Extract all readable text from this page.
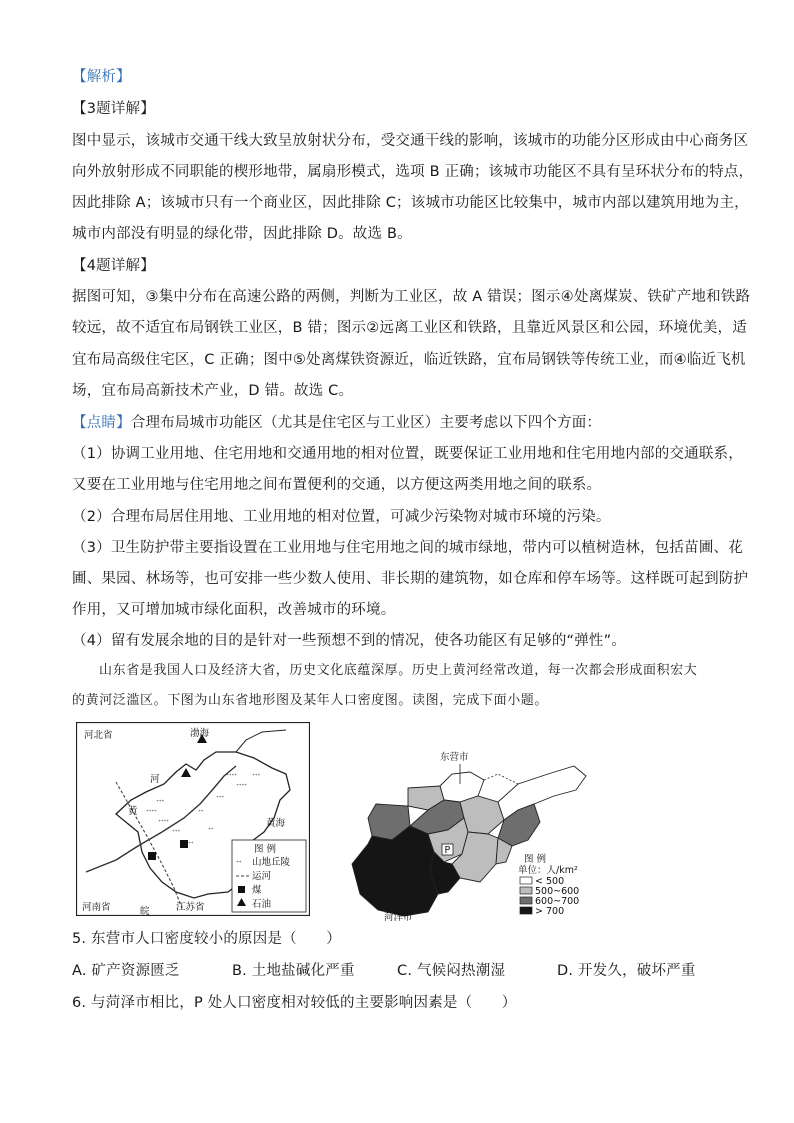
【解析】
【3题详解】
图中显示，该城市交通干线大致呈放射状分布，受交通干线的影响，该城市的功能分区形成由中心商务区
向外放射形成不同职能的楔形地带，属扇形模式，选项 B 正确；该城市功能区不具有呈环状分布的特点，
因此排除 A；该城市只有一个商业区，因此排除 C；该城市功能区比较集中，城市内部以建筑用地为主，
城市内部没有明显的绿化带，因此排除 D。故选 B。
【4题详解】
据图可知，③集中分布在高速公路的两侧，判断为工业区，故 A 错误；图示④处离煤炭、铁矿产地和铁路
较远，故不适宜布局钢铁工业区，B 错；图示②远离工业区和铁路，且靠近风景区和公园，环境优美，适
宜布局高级住宅区，C 正确；图中⑤处离煤铁资源近，临近铁路，宜布局钢铁等传统工业，而④临近飞机
场，宜布局高新技术产业，D 错。故选 C。
【点睛】合理布局城市功能区（尤其是住宅区与工业区）主要考虑以下四个方面：
（1）协调工业用地、住宅用地和交通用地的相对位置，既要保证工业用地和住宅用地内部的交通联系，
又要在工业用地与住宅用地之间布置便利的交通，以方便这两类用地之间的联系。
（2）合理布局居住用地、工业用地的相对位置，可减少污染物对城市环境的污染。
（3）卫生防护带主要指设置在工业用地与住宅用地之间的城市绿地，带内可以植树造林，包括苗圃、花
圃、果园、林场等，也可安排一些少数人使用、非长期的建筑物，如仓库和停车场等。这样既可起到防护
作用，又可增加城市绿化面积，改善城市的环境。
（4）留有发展余地的目的是针对一些预想不到的情况，使各功能区有足够的“弹性”。
山东省是我国人口及经济大省，历史文化底蕴深厚。历史上黄河经常改道，每一次都会形成面积宏大
的黄河泛滥区。下图为山东省地形图及某年人口密度图。读图，完成下面小题。
ᐩᐩᐩ
ᐩᐩᐩᐩ
ᐩᐩᐩᐩ
ᐩᐩᐩ
ᐩᐩ
ᐩᐩᐩᐩ
ᐩᐩᐩᐩ
ᐩᐩᐩ
ᐩᐩᐩ
ᐩᐩ
ᐩᐩ
河北省	渤海
河
黄
黄海
河南省	皖	江苏省
图 例
ᐩᐩ 山地丘陵
运河
煤
石油
东营市
P
菏泽市
图 例
单位：人/km²
< 500
500~600
600~700
> 700
5. 东营市人口密度较小的原因是（　　）
A. 矿产资源匮乏	B. 土地盐碱化严重	C. 气候闷热潮湿	D. 开发久，破坏严重
6. 与菏泽市相比，P 处人口密度相对较低的主要影响因素是（　　）
